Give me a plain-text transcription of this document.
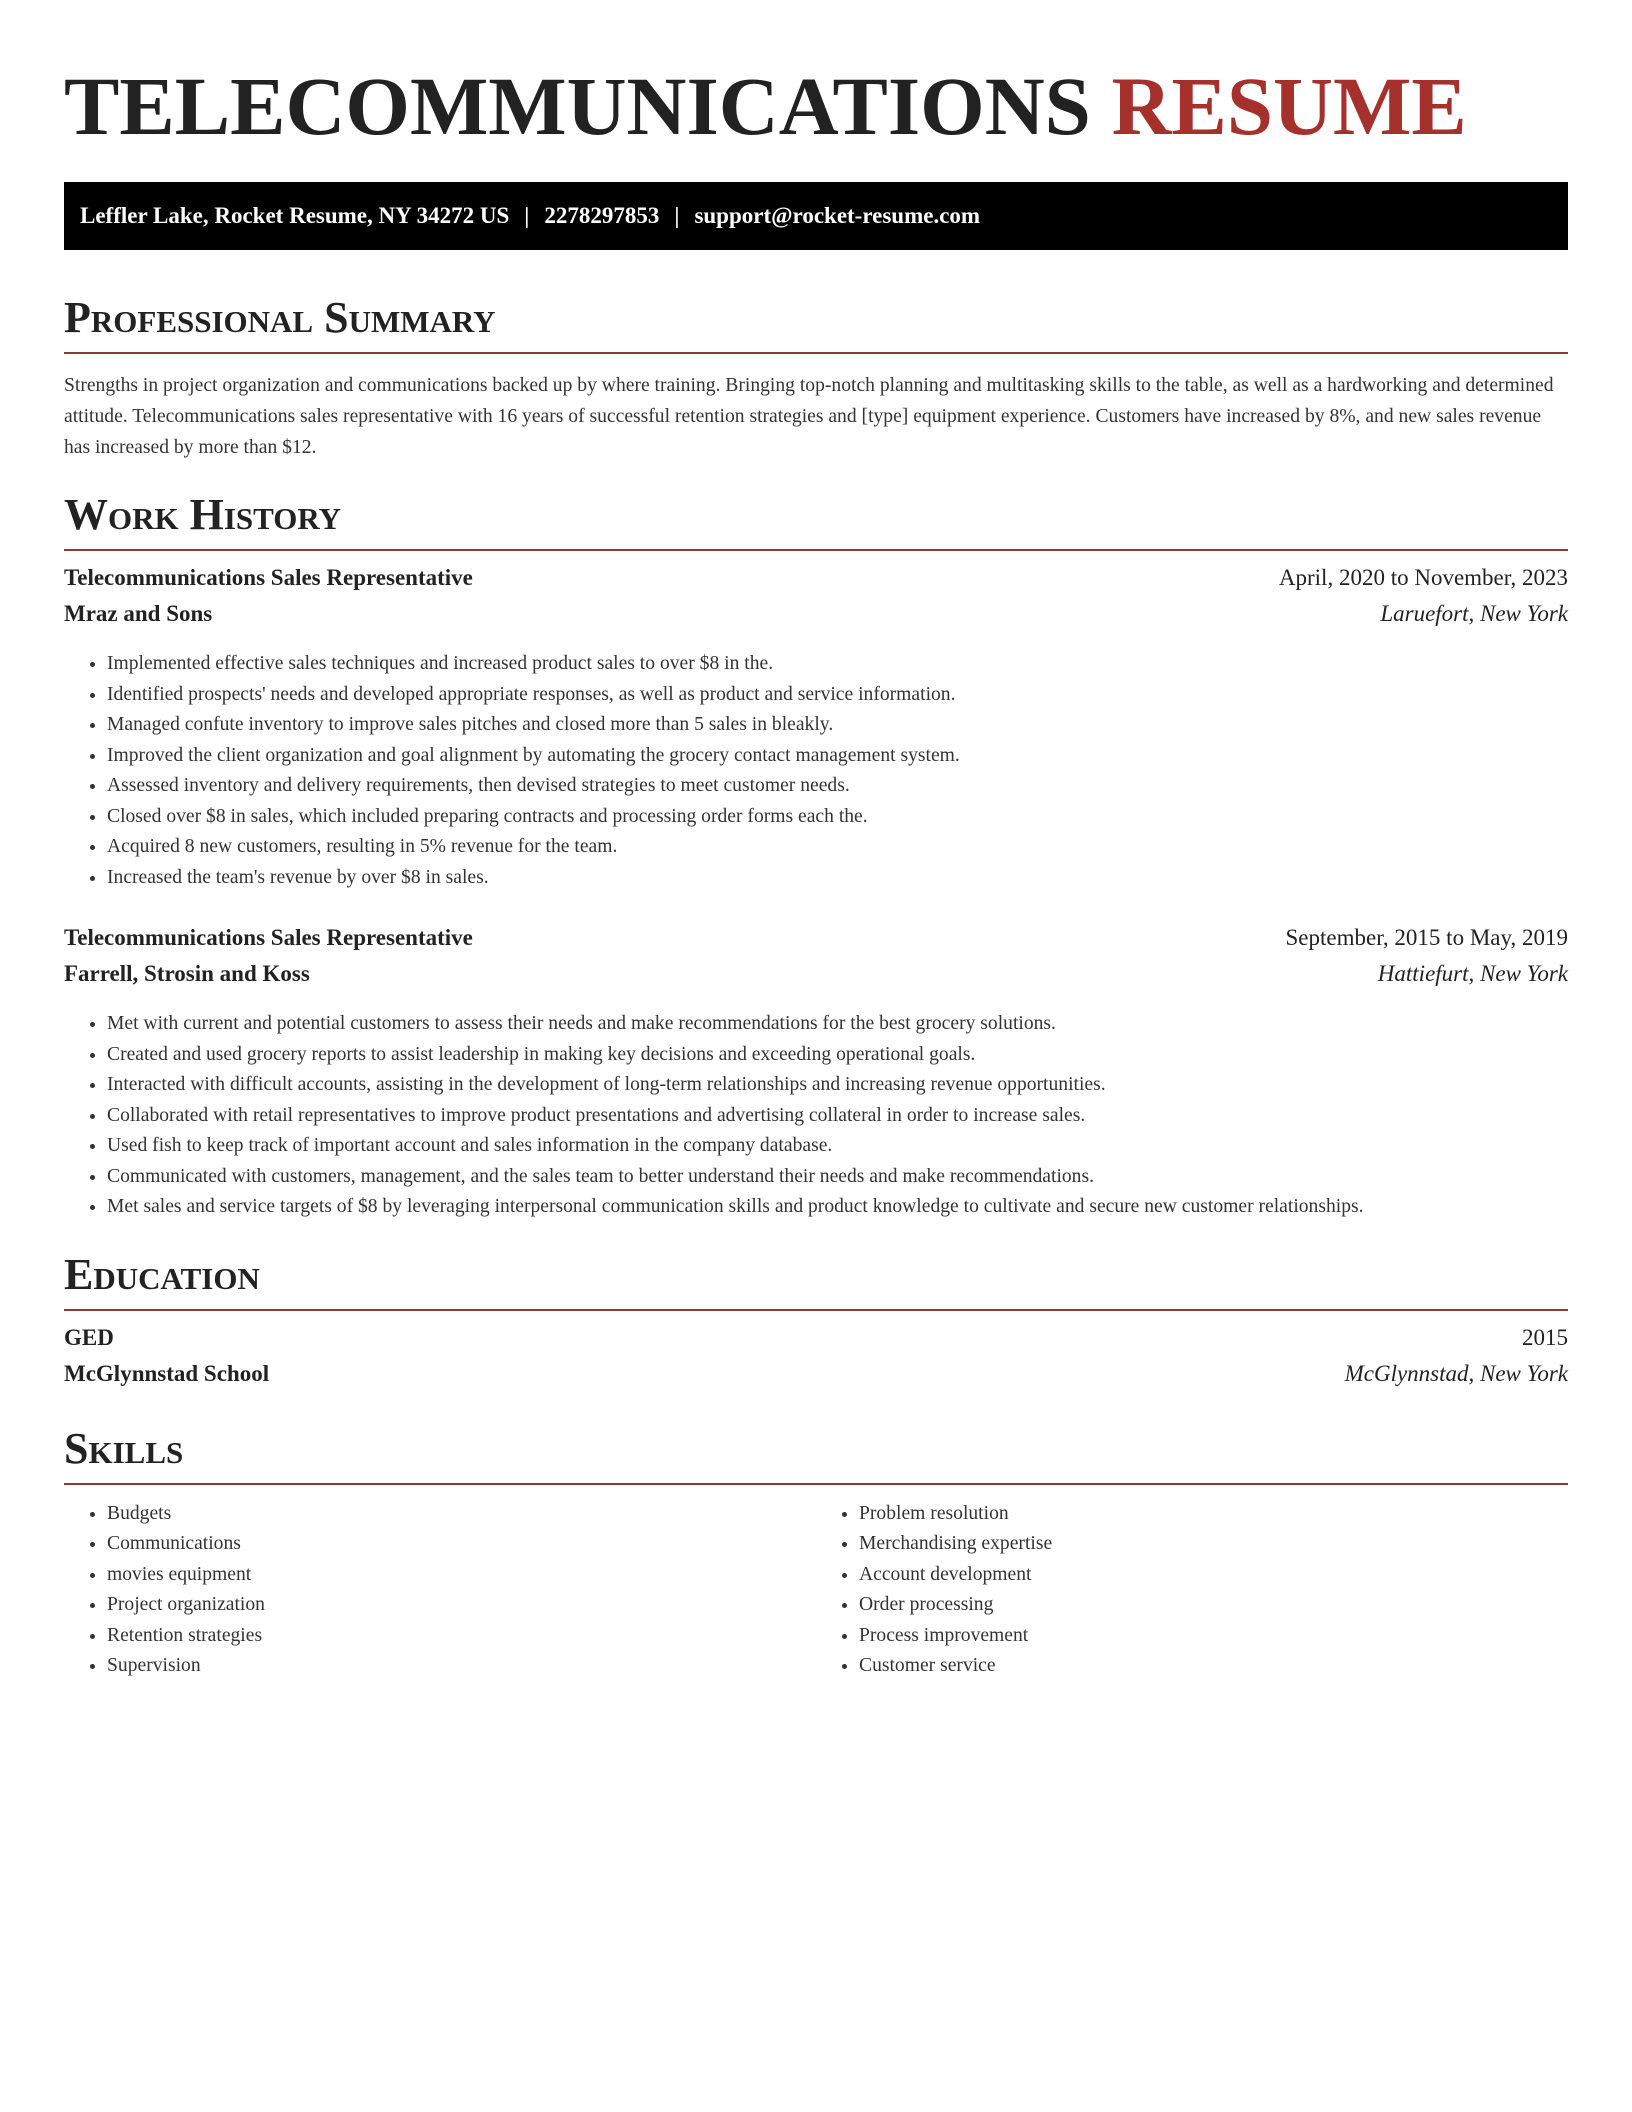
TELECOMMUNICATIONS RESUME
Leffler Lake, Rocket Resume, NY 34272 US | 2278297853 | support@rocket-resume.com
Professional Summary

Strengths in project organization and communications backed up by where training. Bringing top-notch planning and multitasking skills to the table, as well as a hardworking and determined attitude. Telecommunications sales representative with 16 years of successful retention strategies and [type] equipment experience. Customers have increased by 8%, and new sales revenue has increased by more than $12.

Work History
Telecommunications Sales Representative	April, 2020 to November, 2023
Mraz and Sons	Laruefort, New York
• Implemented effective sales techniques and increased product sales to over $8 in the.
• Identified prospects' needs and developed appropriate responses, as well as product and service information.
• Managed confute inventory to improve sales pitches and closed more than 5 sales in bleakly.
• Improved the client organization and goal alignment by automating the grocery contact management system.
• Assessed inventory and delivery requirements, then devised strategies to meet customer needs.
• Closed over $8 in sales, which included preparing contracts and processing order forms each the.
• Acquired 8 new customers, resulting in 5% revenue for the team.
• Increased the team's revenue by over $8 in sales.
Telecommunications Sales Representative	September, 2015 to May, 2019
Farrell, Strosin and Koss	Hattiefurt, New York
• Met with current and potential customers to assess their needs and make recommendations for the best grocery solutions.
• Created and used grocery reports to assist leadership in making key decisions and exceeding operational goals.
• Interacted with difficult accounts, assisting in the development of long-term relationships and increasing revenue opportunities.
• Collaborated with retail representatives to improve product presentations and advertising collateral in order to increase sales.
• Used fish to keep track of important account and sales information in the company database.
• Communicated with customers, management, and the sales team to better understand their needs and make recommendations.
• Met sales and service targets of $8 by leveraging interpersonal communication skills and product knowledge to cultivate and secure new customer relationships.
Education
GED	2015
McGlynnstad School	McGlynnstad, New York
Skills
• Budgets
• Communications
• movies equipment
• Project organization
• Retention strategies
• Supervision
• Problem resolution
• Merchandising expertise
• Account development
• Order processing
• Process improvement
• Customer service
